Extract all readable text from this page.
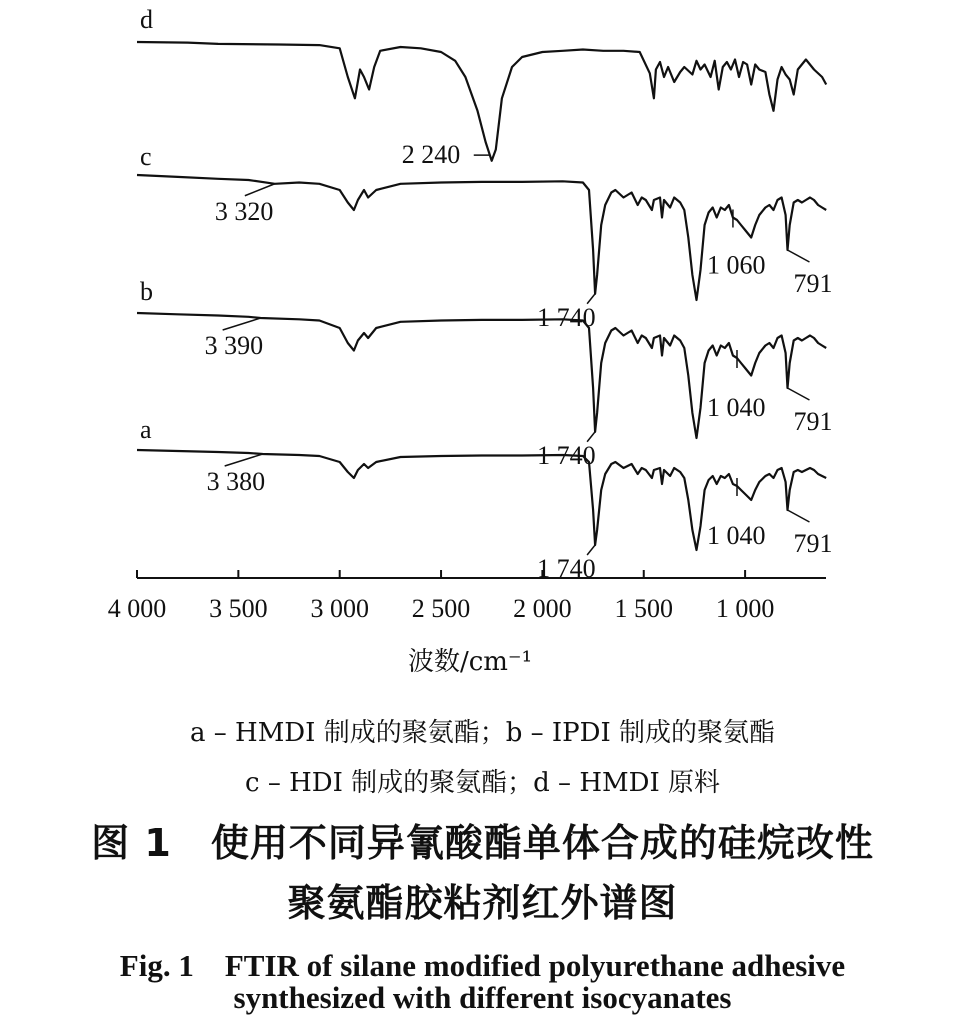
d
c
b
a
2 240
3 320
1 740
1 060
791
3 390
1 740
1 040 791
3 380
1 740
1 040 791
4 000 3 500 3 000 2 500 2 000 1 500 1 000
波数/cm⁻¹
a – HMDI 制成的聚氨酯；b – IPDI 制成的聚氨酯
c – HDI 制成的聚氨酯；d – HMDI 原料
图 1　使用不同异氰酸酯单体合成的硅烷改性
聚氨酯胶粘剂红外谱图
Fig. 1　FTIR of silane modified polyurethane adhesive
synthesized with different isocyanates
